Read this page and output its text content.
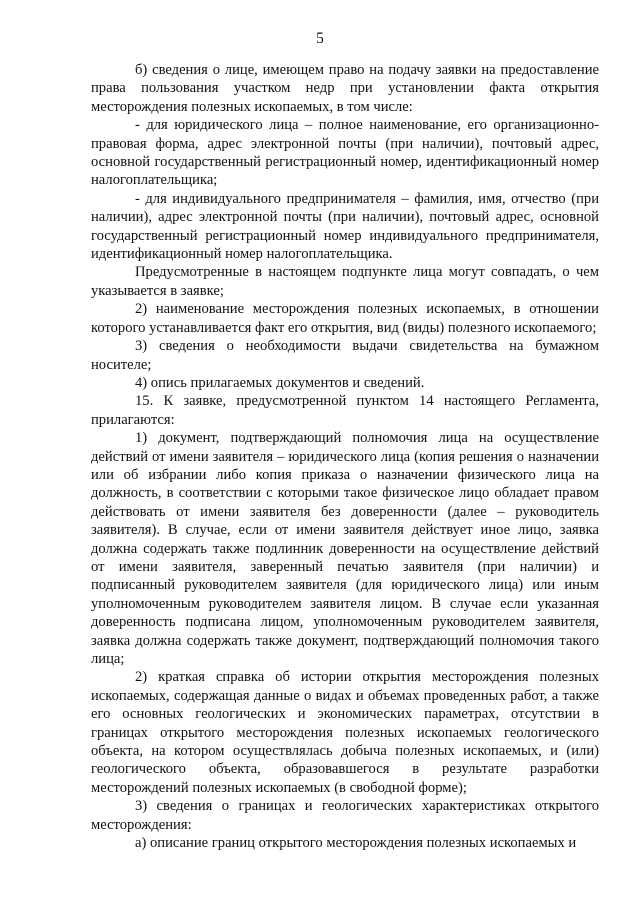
5

б) сведения о лице, имеющем право на подачу заявки на предоставление права пользования участком недр при установлении факта открытия месторождения полезных ископаемых, в том числе:

- для юридического лица – полное наименование, его организационно-правовая форма, адрес электронной почты (при наличии), почтовый адрес, основной государственный регистрационный номер, идентификационный номер налогоплательщика;

- для индивидуального предпринимателя – фамилия, имя, отчество (при наличии), адрес электронной почты (при наличии), почтовый адрес, основной государственный регистрационный номер индивидуального предпринимателя, идентификационный номер налогоплательщика.

Предусмотренные в настоящем подпункте лица могут совпадать, о чем указывается в заявке;

2) наименование месторождения полезных ископаемых, в отношении которого устанавливается факт его открытия, вид (виды) полезного ископаемого;

3) сведения о необходимости выдачи свидетельства на бумажном носителе;

4) опись прилагаемых документов и сведений.

15. К заявке, предусмотренной пунктом 14 настоящего Регламента, прилагаются:

1) документ, подтверждающий полномочия лица на осуществление действий от имени заявителя – юридического лица (копия решения о назначении или об избрании либо копия приказа о назначении физического лица на должность, в соответствии с которыми такое физическое лицо обладает правом действовать от имени заявителя без доверенности (далее – руководитель заявителя). В случае, если от имени заявителя действует иное лицо, заявка должна содержать также подлинник доверенности на осуществление действий от имени заявителя, заверенный печатью заявителя (при наличии) и подписанный руководителем заявителя (для юридического лица) или иным уполномоченным руководителем заявителя лицом. В случае если указанная доверенность подписана лицом, уполномоченным руководителем заявителя, заявка должна содержать также документ, подтверждающий полномочия такого лица;

2) краткая справка об истории открытия месторождения полезных ископаемых, содержащая данные о видах и объемах проведенных работ, а также его основных геологических и экономических параметрах, отсутствии в границах открытого месторождения полезных ископаемых геологического объекта, на котором осуществлялась добыча полезных ископаемых, и (или) геологического объекта, образовавшегося в результате разработки месторождений полезных ископаемых (в свободной форме);

3) сведения о границах и геологических характеристиках открытого месторождения:

а) описание границ открытого месторождения полезных ископаемых и
